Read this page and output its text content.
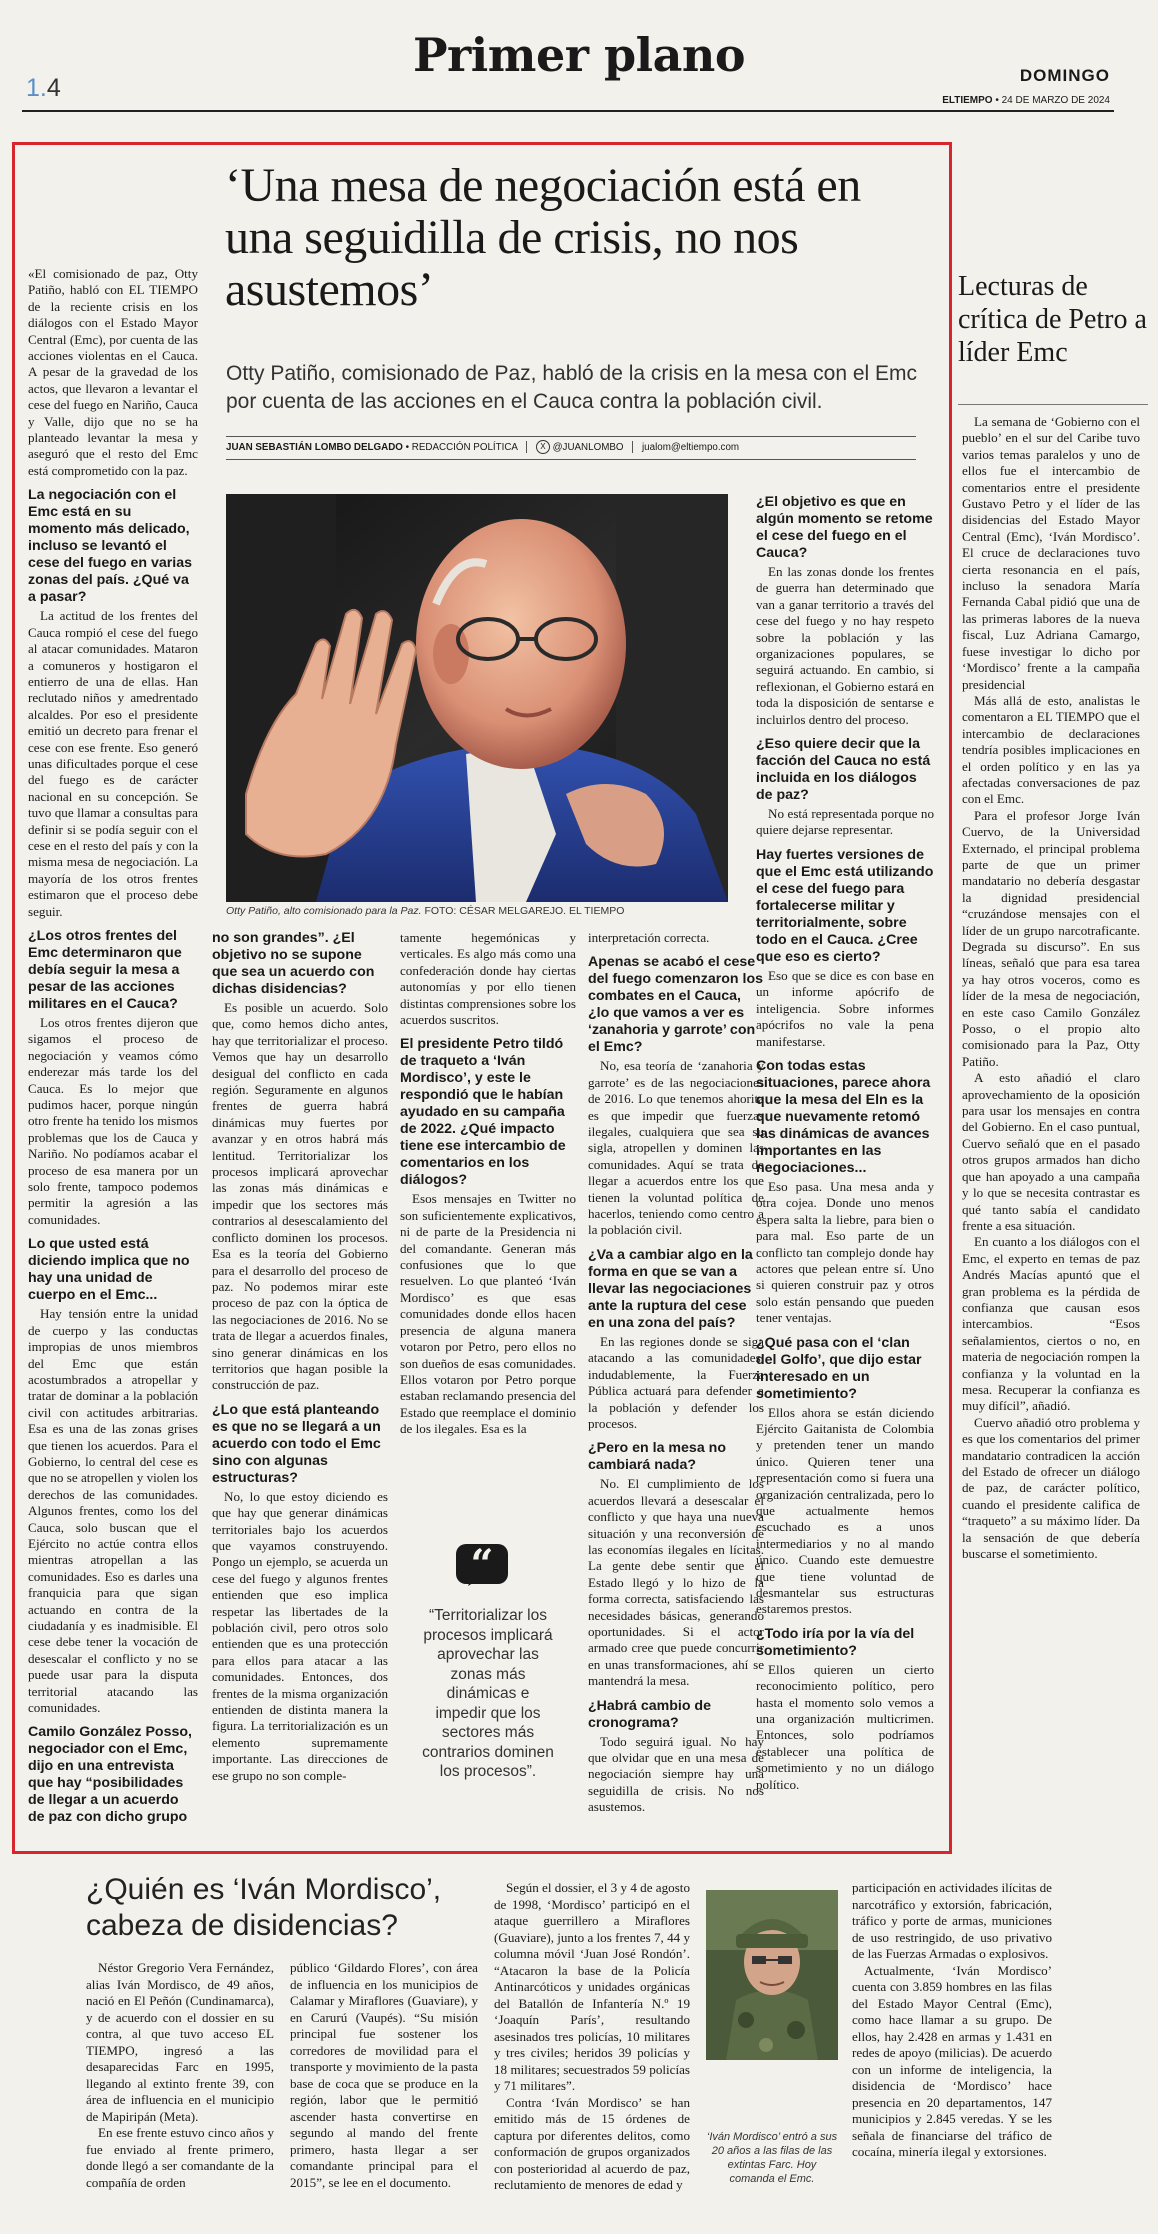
1.4
Primer plano	DOMINGO
ELTIEMPO • 24 DE MARZO DE 2024
‘Una mesa de negociación está en una seguidilla de crisis, no nos asustemos’
Otty Patiño, comisionado de Paz, habló de la crisis en la mesa con el Emc por cuenta de las acciones en el Cauca contra la población civil.
JUAN SEBASTIÁN LOMBO DELGADO • REDACCIÓN POLÍTICA	X @JUANLOMBO jualom@eltiempo.com
Otty Patiño, alto comisionado para la Paz. FOTO: CÉSAR MELGAREJO. EL TIEMPO
“
“Territorializar los procesos implicará aprovechar las zonas más dinámicas e impedir que los sectores más contrarios dominen los procesos”.
Lecturas de crítica de Petro a líder Emc
¿Quién es ‘Iván Mordisco’, cabeza de disidencias?
‘Iván Mordisco’ entró a sus 20 años a las filas de las extintas Farc. Hoy comanda el Emc.

«El comisionado de paz, Otty Patiño, habló con EL TIEMPO de la reciente crisis en los diálogos con el Estado Mayor Central (Emc), por cuenta de las acciones violentas en el Cauca. A pesar de la gravedad de los actos, que llevaron a levantar el cese del fuego en Nariño, Cauca y Valle, dijo que no se ha planteado levantar la mesa y aseguró que el resto del Emc está comprometido con la paz.

La negociación con el Emc está en su momento más delicado, incluso se levantó el cese del fuego en varias zonas del país. ¿Qué va a pasar?

La actitud de los frentes del Cauca rompió el cese del fuego al atacar comunidades. Mataron a comuneros y hostigaron el entierro de una de ellas. Han reclutado niños y amedrentado alcaldes. Por eso el presidente emitió un decreto para frenar el cese con ese frente. Eso generó unas dificultades porque el cese del fuego es de carácter nacional en su concepción. Se tuvo que llamar a consultas para definir si se podía seguir con el cese en el resto del país y con la misma mesa de negociación. La mayoría de los otros frentes estimaron que el proceso debe seguir.

¿Los otros frentes del Emc determinaron que debía seguir la mesa a pesar de las acciones militares en el Cauca?

Los otros frentes dijeron que sigamos el proceso de negociación y veamos cómo enderezar más tarde los del Cauca. Es lo mejor que pudimos hacer, porque ningún otro frente ha tenido los mismos problemas que los de Cauca y Nariño. No podíamos acabar el proceso de esa manera por un solo frente, tampoco podemos permitir la agresión a las comunidades.

Lo que usted está diciendo implica que no hay una unidad de cuerpo en el Emc...

Hay tensión entre la unidad de cuerpo y las conductas impropias de unos miembros del Emc que están acostumbrados a atropellar y tratar de dominar a la población civil con actitudes arbitrarias. Esa es una de las zonas grises que tienen los acuerdos. Para el Gobierno, lo central del cese es que no se atropellen y violen los derechos de las comunidades. Algunos frentes, como los del Cauca, solo buscan que el Ejército no actúe contra ellos mientras atropellan a las comunidades. Eso es darles una franquicia para que sigan actuando en contra de la ciudadanía y es inadmisible. El cese debe tener la vocación de desescalar el conflicto y no se puede usar para la disputa territorial atacando las comunidades.

Camilo González Posso, negociador con el Emc, dijo en una entrevista que hay “posibilidades de llegar a un acuerdo de paz con dicho grupo
no son grandes”. ¿El objetivo no se supone que sea un acuerdo con dichas disidencias?

Es posible un acuerdo. Solo que, como hemos dicho antes, hay que territorializar el proceso. Vemos que hay un desarrollo desigual del conflicto en cada región. Seguramente en algunos frentes de guerra habrá dinámicas muy fuertes por avanzar y en otros habrá más lentitud. Territorializar los procesos implicará aprovechar las zonas más dinámicas e impedir que los sectores más contrarios al desescalamiento del conflicto dominen los procesos. Esa es la teoría del Gobierno para el desarrollo del proceso de paz. No podemos mirar este proceso de paz con la óptica de las negociaciones de 2016. No se trata de llegar a acuerdos finales, sino generar dinámicas en los territorios que hagan posible la construcción de paz.

¿Lo que está planteando es que no se llegará a un acuerdo con todo el Emc sino con algunas estructuras?

No, lo que estoy diciendo es que hay que generar dinámicas territoriales bajo los acuerdos que vayamos construyendo. Pongo un ejemplo, se acuerda un cese del fuego y algunos frentes entienden que eso implica respetar las libertades de la población civil, pero otros solo entienden que es una protección para ellos para atacar a las comunidades. Entonces, dos frentes de la misma organización entienden de distinta manera la figura. La territorialización es un elemento supremamente importante. Las direcciones de ese grupo no son comple-

tamente hegemónicas y verticales. Es algo más como una confederación donde hay ciertas autonomías y por ello tienen distintas comprensiones sobre los acuerdos suscritos.

El presidente Petro tildó de traqueto a ‘Iván Mordisco’, y este le respondió que le habían ayudado en su campaña de 2022. ¿Qué impacto tiene ese intercambio de comentarios en los diálogos?

Esos mensajes en Twitter no son suficientemente explicativos, ni de parte de la Presidencia ni del comandante. Generan más confusiones que lo que resuelven. Lo que planteó ‘Iván Mordisco’ es que esas comunidades donde ellos hacen presencia de alguna manera votaron por Petro, pero ellos no son dueños de esas comunidades. Ellos votaron por Petro porque estaban reclamando presencia del Estado que reemplace el dominio de los ilegales. Esa es la

interpretación correcta.

Apenas se acabó el cese del fuego comenzaron los combates en el Cauca, ¿lo que vamos a ver es ‘zanahoria y garrote’ con el Emc?

No, esa teoría de ‘zanahoria y garrote’ es de las negociaciones de 2016. Lo que tenemos ahorita es que impedir que fuerzas ilegales, cualquiera que sea su sigla, atropellen y dominen las comunidades. Aquí se trata de llegar a acuerdos entre los que tienen la voluntad política de hacerlos, teniendo como centro a la población civil.

¿Va a cambiar algo en la forma en que se van a llevar las negociaciones ante la ruptura del cese en una zona del país?

En las regiones donde se siga atacando a las comunidades, indudablemente, la Fuerza Pública actuará para defender a la población y defender los procesos.

¿Pero en la mesa no cambiará nada?

No. El cumplimiento de los acuerdos llevará a desescalar el conflicto y que haya una nueva situación y una reconversión de las economías ilegales en lícitas. La gente debe sentir que el Estado llegó y lo hizo de la forma correcta, satisfaciendo las necesidades básicas, generando oportunidades. Si el actor armado cree que puede concurrir en unas transformaciones, ahí se mantendrá la mesa.

¿Habrá cambio de cronograma?

Todo seguirá igual. No hay que olvidar que en una mesa de negociación siempre hay una seguidilla de crisis. No nos asustemos.

¿El objetivo es que en algún momento se retome el cese del fuego en el Cauca?

En las zonas donde los frentes de guerra han determinado que van a ganar territorio a través del cese del fuego y no hay respeto sobre la población y las organizaciones populares, se seguirá actuando. En cambio, si reflexionan, el Gobierno estará en toda la disposición de sentarse e incluirlos dentro del proceso.

¿Eso quiere decir que la facción del Cauca no está incluida en los diálogos de paz?

No está representada porque no quiere dejarse representar.

Hay fuertes versiones de que el Emc está utilizando el cese del fuego para fortalecerse militar y territorialmente, sobre todo en el Cauca. ¿Cree que eso es cierto?

Eso que se dice es con base en un informe apócrifo de inteligencia. Sobre informes apócrifos no vale la pena manifestarse.

Con todas estas situaciones, parece ahora que la mesa del Eln es la que nuevamente retomó las dinámicas de avances importantes en las negociaciones...

Eso pasa. Una mesa anda y otra cojea. Donde uno menos espera salta la liebre, para bien o para mal. Eso parte de un conflicto tan complejo donde hay actores que pelean entre sí. Uno si quieren construir paz y otros solo están pensando que pueden tener ventajas.

¿Qué pasa con el ‘clan del Golfo’, que dijo estar interesado en un sometimiento?

Ellos ahora se están diciendo Ejército Gaitanista de Colombia y pretenden tener un mando único. Quieren tener una representación como si fuera una organización centralizada, pero lo que actualmente hemos escuchado es a unos intermediarios y no al mando único. Cuando este demuestre que tiene voluntad de desmantelar sus estructuras estaremos prestos.

¿Todo iría por la vía del sometimiento?

Ellos quieren un cierto reconocimiento político, pero hasta el momento solo vemos a una organización multicrimen. Entonces, solo podríamos establecer una política de sometimiento y no un diálogo político.

La semana de ‘Gobierno con el pueblo’ en el sur del Caribe tuvo varios temas paralelos y uno de ellos fue el intercambio de comentarios entre el presidente Gustavo Petro y el líder de las disidencias del Estado Mayor Central (Emc), ‘Iván Mordisco’. El cruce de declaraciones tuvo cierta resonancia en el país, incluso la senadora María Fernanda Cabal pidió que una de las primeras labores de la nueva fiscal, Luz Adriana Camargo, fuese investigar lo dicho por ‘Mordisco’ frente a la campaña presidencial

Más allá de esto, analistas le comentaron a EL TIEMPO que el intercambio de declaraciones tendría posibles implicaciones en el orden político y en las ya afectadas conversaciones de paz con el Emc.

Para el profesor Jorge Iván Cuervo, de la Universidad Externado, el principal problema parte de que un primer mandatario no debería desgastar la dignidad presidencial “cruzándose mensajes con el líder de un grupo narcotraficante. Degrada su discurso”. En sus líneas, señaló que para esa tarea ya hay otros voceros, como es líder de la mesa de negociación, en este caso Camilo González Posso, o el propio alto comisionado para la Paz, Otty Patiño.

A esto añadió el claro aprovechamiento de la oposición para usar los mensajes en contra del Gobierno. En el caso puntual, Cuervo señaló que en el pasado otros grupos armados han dicho que han apoyado a una campaña y lo que se necesita contrastar es qué tanto sabía el candidato frente a esa situación.

En cuanto a los diálogos con el Emc, el experto en temas de paz Andrés Macías apuntó que el gran problema es la pérdida de confianza que causan esos intercambios. “Esos señalamientos, ciertos o no, en materia de negociación rompen la confianza y la voluntad en la mesa. Recuperar la confianza es muy difícil”, añadió.

Cuervo añadió otro problema y es que los comentarios del primer mandatario contradicen la acción del Estado de ofrecer un diálogo de paz, de carácter político, cuando el presidente califica de “traqueto” a su máximo líder. Da la sensación de que debería buscarse el sometimiento.

Néstor Gregorio Vera Fernández, alias Iván Mordisco, de 49 años, nació en El Peñón (Cundinamarca), y de acuerdo con el dossier en su contra, al que tuvo acceso EL TIEMPO, ingresó a las desaparecidas Farc en 1995, llegando al extinto frente 39, con área de influencia en el municipio de Mapiripán (Meta).

En ese frente estuvo cinco años y fue enviado al frente primero, donde llegó a ser comandante de la compañía de orden

público ‘Gildardo Flores’, con área de influencia en los municipios de Calamar y Miraflores (Guaviare), y en Carurú (Vaupés). “Su misión principal fue sostener los corredores de movilidad para el transporte y movimiento de la pasta base de coca que se produce en la región, labor que le permitió ascender hasta convertirse en segundo al mando del frente primero, hasta llegar a ser comandante principal para el 2015”, se lee en el documento.

Según el dossier, el 3 y 4 de agosto de 1998, ‘Mordisco’ participó en el ataque guerrillero a Miraflores (Guaviare), junto a los frentes 7, 44 y columna móvil ‘Juan José Rondón’. “Atacaron la base de la Policía Antinarcóticos y unidades orgánicas del Batallón de Infantería N.º 19 ‘Joaquín París’, resultando asesinados tres policías, 10 militares y tres civiles; heridos 39 policías y 18 militares; secuestrados 59 policías y 71 militares”.

Contra ‘Iván Mordisco’ se han emitido más de 15 órdenes de captura por diferentes delitos, como conformación de grupos organizados con posterioridad al acuerdo de paz, reclutamiento de menores de edad y

participación en actividades ilícitas de narcotráfico y extorsión, fabricación, tráfico y porte de armas, municiones de uso restringido, de uso privativo de las Fuerzas Armadas o explosivos.

Actualmente, ‘Iván Mordisco’ cuenta con 3.859 hombres en las filas del Estado Mayor Central (Emc), como hace llamar a su grupo. De ellos, hay 2.428 en armas y 1.431 en redes de apoyo (milicias). De acuerdo con un informe de inteligencia, la disidencia de ‘Mordisco’ hace presencia en 20 departamentos, 147 municipios y 2.845 veredas. Y se les señala de financiarse del tráfico de cocaína, minería ilegal y extorsiones.
